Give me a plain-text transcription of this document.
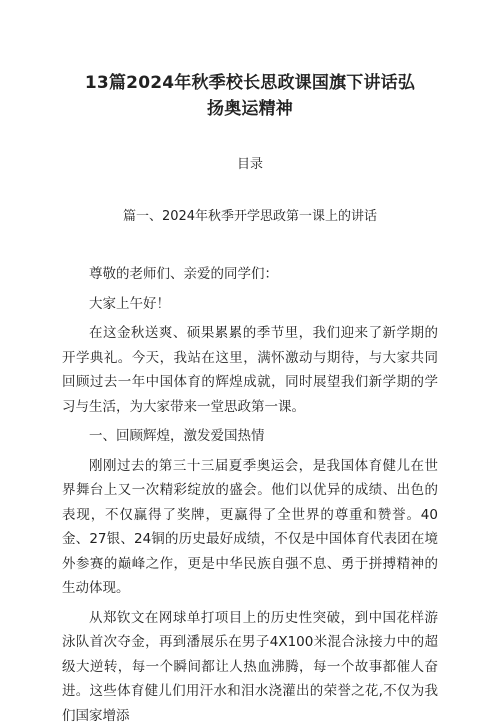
13篇2024年秋季校长思政课国旗下讲话弘
扬奥运精神
目录
篇一、2024年秋季开学思政第一课上的讲话

尊敬的老师们、亲爱的同学们：

大家上午好！

在这金秋送爽、硕果累累的季节里，我们迎来了新学期的开学典礼。今天，我站在这里，满怀激动与期待，与大家共同回顾过去一年中国体育的辉煌成就，同时展望我们新学期的学习与生活，为大家带来一堂思政第一课。

一、回顾辉煌，激发爱国热情

刚刚过去的第三十三届夏季奥运会，是我国体育健儿在世界舞台上又一次精彩绽放的盛会。他们以优异的成绩、出色的表现，不仅赢得了奖牌，更赢得了全世界的尊重和赞誉。40金、27银、24铜的历史最好成绩，不仅是中国体育代表团在境外参赛的巅峰之作，更是中华民族自强不息、勇于拼搏精神的生动体现。

从郑钦文在网球单打项目上的历史性突破，到中国花样游泳队首次夺金，再到潘展乐在男子4X100米混合泳接力中的超级大逆转，每一个瞬间都让人热血沸腾，每一个故事都催人奋进。这些体育健儿们用汗水和泪水浇灌出的荣誉之花,不仅为我们国家增添
